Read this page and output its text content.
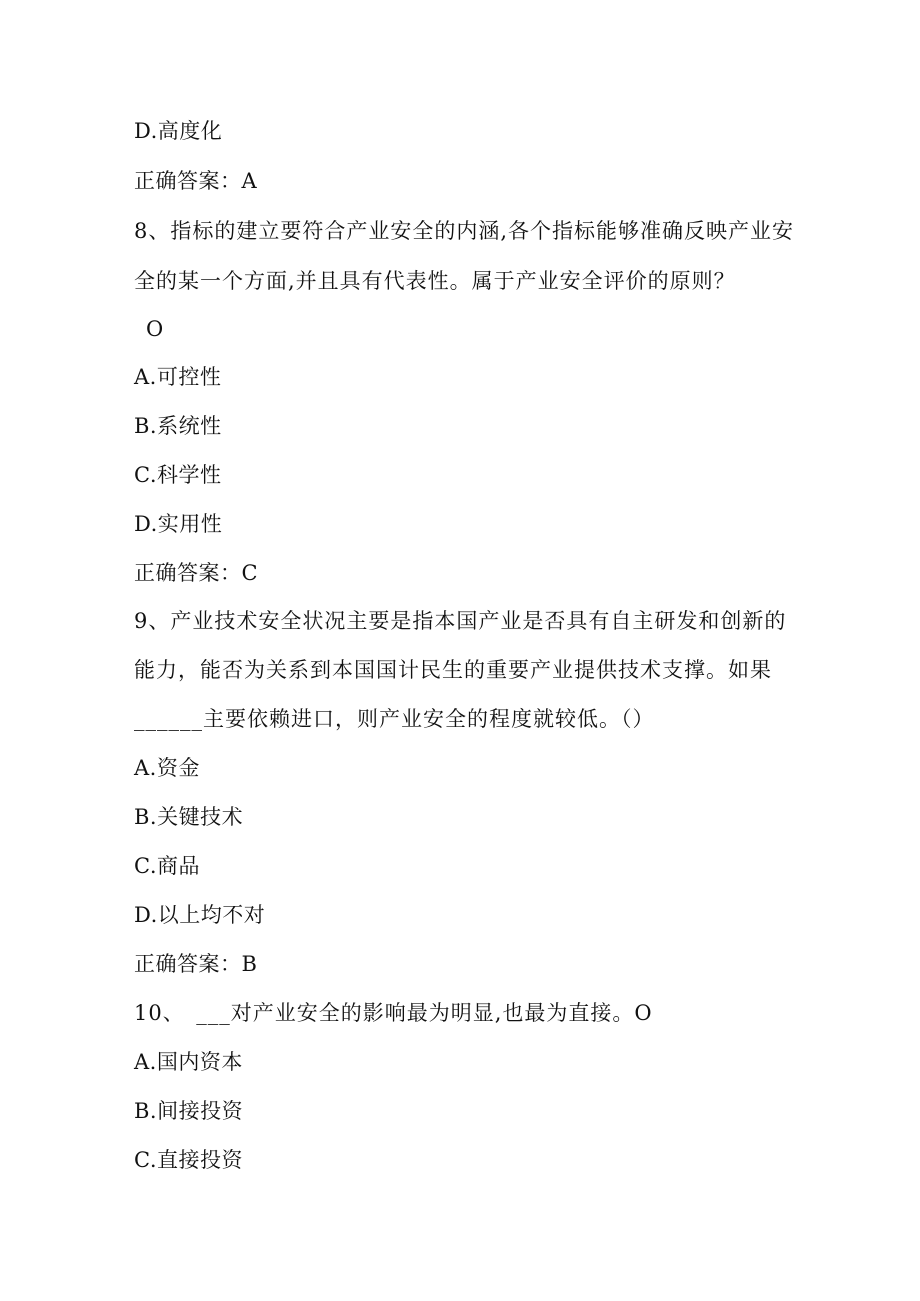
D.高度化
正确答案：A
8、指标的建立要符合产业安全的内涵,各个指标能够准确反映产业安
全的某一个方面,并且具有代表性。属于产业安全评价的原则？
O
A.可控性
B.系统性
C.科学性
D.实用性
正确答案：C
9、产业技术安全状况主要是指本国产业是否具有自主研发和创新的
能力，能否为关系到本国国计民生的重要产业提供技术支撑。如果
______主要依赖进口，则产业安全的程度就较低。（）
A.资金
B.关键技术
C.商品
D.以上均不对
正确答案：B
10、　___对产业安全的影响最为明显,也最为直接。O
A.国内资本
B.间接投资
C.直接投资
